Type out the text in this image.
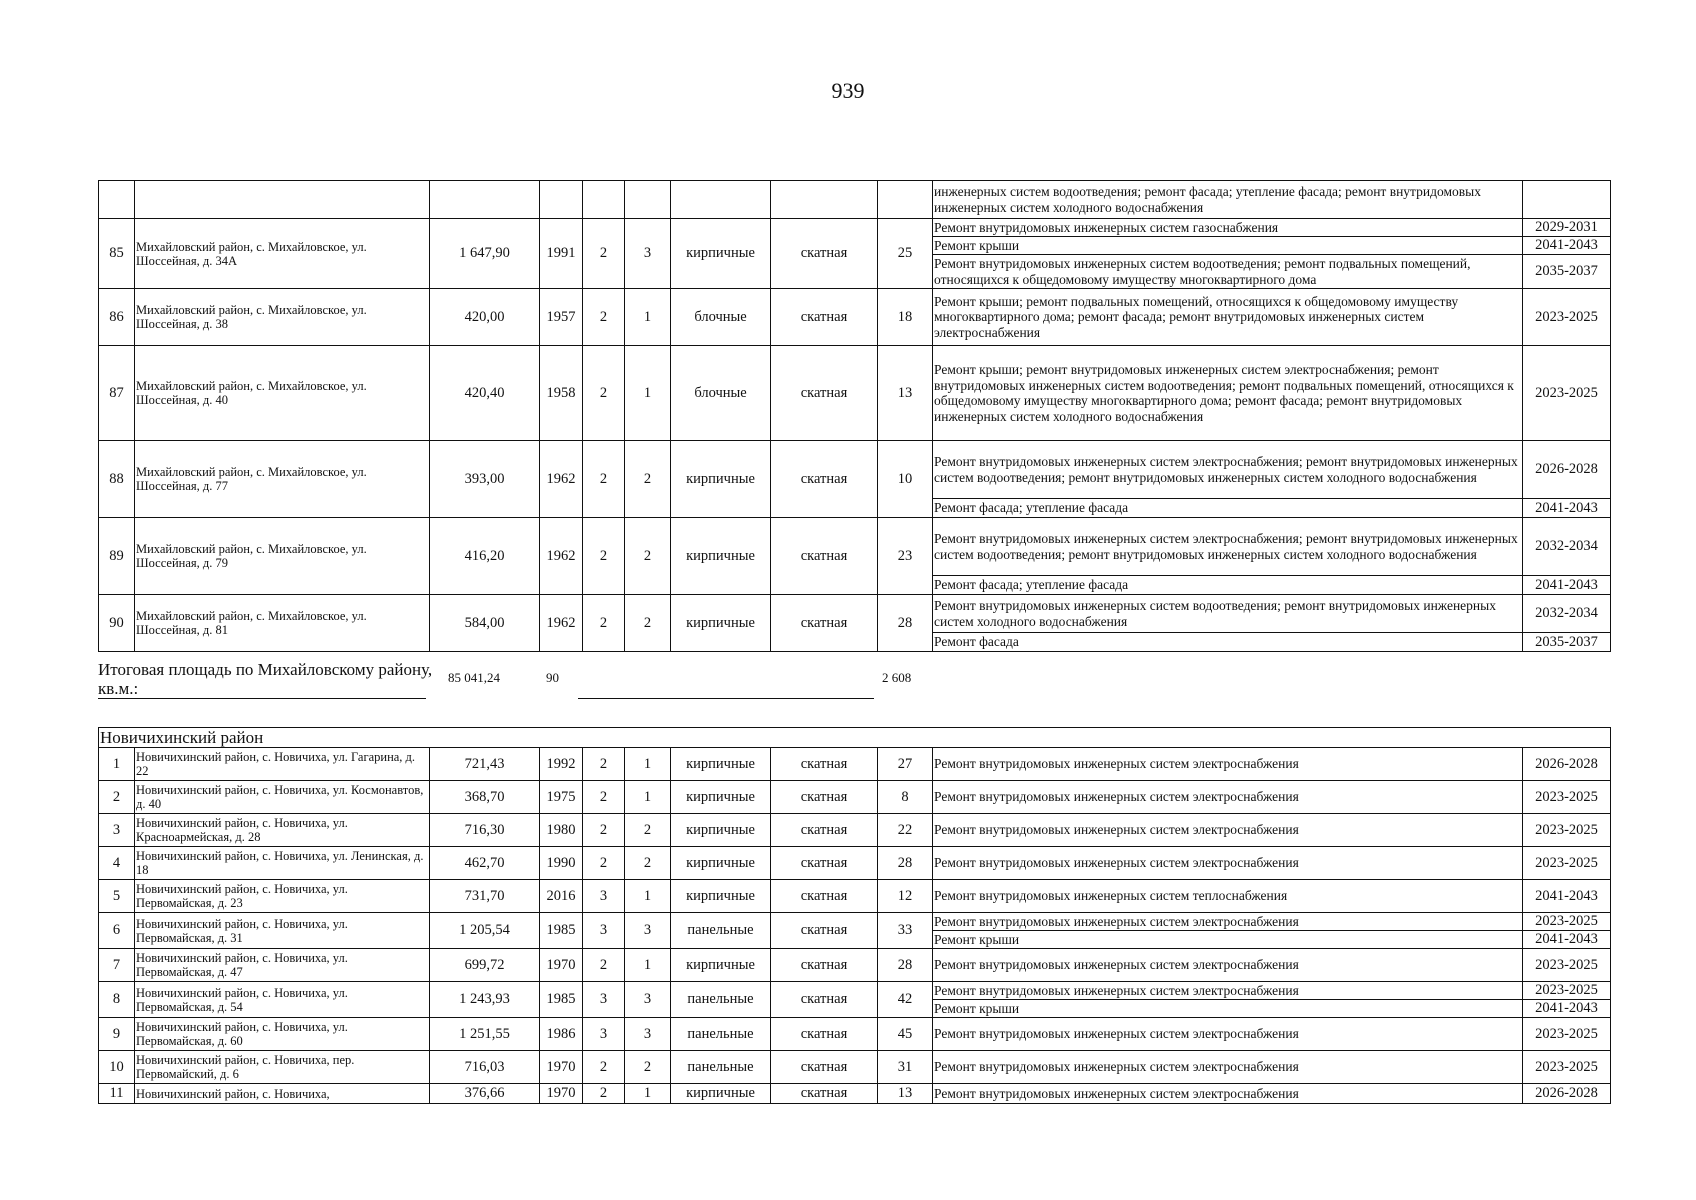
939
									инженерных систем водоотведения; ремонт фасада; утепление фасада; ремонт внутридомовых инженерных систем холодного водоснабжения	
85	Михайловский район, с. Михайловское, ул. Шоссейная, д. 34А	1 647,90	1991	2	3	кирпичные	скатная	25	Ремонт внутридомовых инженерных систем газоснабжения	2029-2031
									Ремонт крыши	2041-2043
									Ремонт внутридомовых инженерных систем водоотведения; ремонт подвальных помещений, относящихся к общедомовому имуществу многоквартирного дома	2035-2037
86	Михайловский район, с. Михайловское, ул. Шоссейная, д. 38	420,00	1957	2	1	блочные	скатная	18	Ремонт крыши; ремонт подвальных помещений, относящихся к общедомовому имуществу многоквартирного дома; ремонт фасада; ремонт внутридомовых инженерных систем электроснабжения	2023-2025
87	Михайловский район, с. Михайловское, ул. Шоссейная, д. 40	420,40	1958	2	1	блочные	скатная	13	Ремонт крыши; ремонт внутридомовых инженерных систем электроснабжения; ремонт внутридомовых инженерных систем водоотведения; ремонт подвальных помещений, относящихся к общедомовому имуществу многоквартирного дома; ремонт фасада; ремонт внутридомовых инженерных систем холодного водоснабжения	2023-2025
88	Михайловский район, с. Михайловское, ул. Шоссейная, д. 77	393,00	1962	2	2	кирпичные	скатная	10	Ремонт внутридомовых инженерных систем электроснабжения; ремонт внутридомовых инженерных систем водоотведения; ремонт внутридомовых инженерных систем холодного водоснабжения	2026-2028
									Ремонт фасада; утепление фасада	2041-2043
89	Михайловский район, с. Михайловское, ул. Шоссейная, д. 79	416,20	1962	2	2	кирпичные	скатная	23	Ремонт внутридомовых инженерных систем электроснабжения; ремонт внутридомовых инженерных систем водоотведения; ремонт внутридомовых инженерных систем холодного водоснабжения	2032-2034
									Ремонт фасада; утепление фасада	2041-2043
90	Михайловский район, с. Михайловское, ул. Шоссейная, д. 81	584,00	1962	2	2	кирпичные	скатная	28	Ремонт внутридомовых инженерных систем водоотведения; ремонт внутридомовых инженерных систем холодного водоснабжения	2032-2034
									Ремонт фасада	2035-2037
Итоговая площадь по Михайловскому району, кв.м.:
85 041,24	90	2 608
Новичихинский район										
1	Новичихинский район, с. Новичиха, ул. Гагарина, д. 22	721,43	1992	2	1	кирпичные	скатная	27	Ремонт внутридомовых инженерных систем электроснабжения	2026-2028
2	Новичихинский район, с. Новичиха, ул. Космонавтов, д. 40	368,70	1975	2	1	кирпичные	скатная	8	Ремонт внутридомовых инженерных систем электроснабжения	2023-2025
3	Новичихинский район, с. Новичиха, ул. Красноармейская, д. 28	716,30	1980	2	2	кирпичные	скатная	22	Ремонт внутридомовых инженерных систем электроснабжения	2023-2025
4	Новичихинский район, с. Новичиха, ул. Ленинская, д. 18	462,70	1990	2	2	кирпичные	скатная	28	Ремонт внутридомовых инженерных систем электроснабжения	2023-2025
5	Новичихинский район, с. Новичиха, ул. Первомайская, д. 23	731,70	2016	3	1	кирпичные	скатная	12	Ремонт внутридомовых инженерных систем теплоснабжения	2041-2043
6	Новичихинский район, с. Новичиха, ул. Первомайская, д. 31	1 205,54	1985	3	3	панельные	скатная	33	Ремонт внутридомовых инженерных систем электроснабжения	2023-2025
									Ремонт крыши	2041-2043
7	Новичихинский район, с. Новичиха, ул. Первомайская, д. 47	699,72	1970	2	1	кирпичные	скатная	28	Ремонт внутридомовых инженерных систем электроснабжения	2023-2025
8	Новичихинский район, с. Новичиха, ул. Первомайская, д. 54	1 243,93	1985	3	3	панельные	скатная	42	Ремонт внутридомовых инженерных систем электроснабжения	2023-2025
									Ремонт крыши	2041-2043
9	Новичихинский район, с. Новичиха, ул. Первомайская, д. 60	1 251,55	1986	3	3	панельные	скатная	45	Ремонт внутридомовых инженерных систем электроснабжения	2023-2025
10	Новичихинский район, с. Новичиха, пер. Первомайский, д. 6	716,03	1970	2	2	панельные	скатная	31	Ремонт внутридомовых инженерных систем электроснабжения	2023-2025
11	Новичихинский район, с. Новичиха,	376,66	1970	2	1	кирпичные	скатная	13	Ремонт внутридомовых инженерных систем электроснабжения	2026-2028
